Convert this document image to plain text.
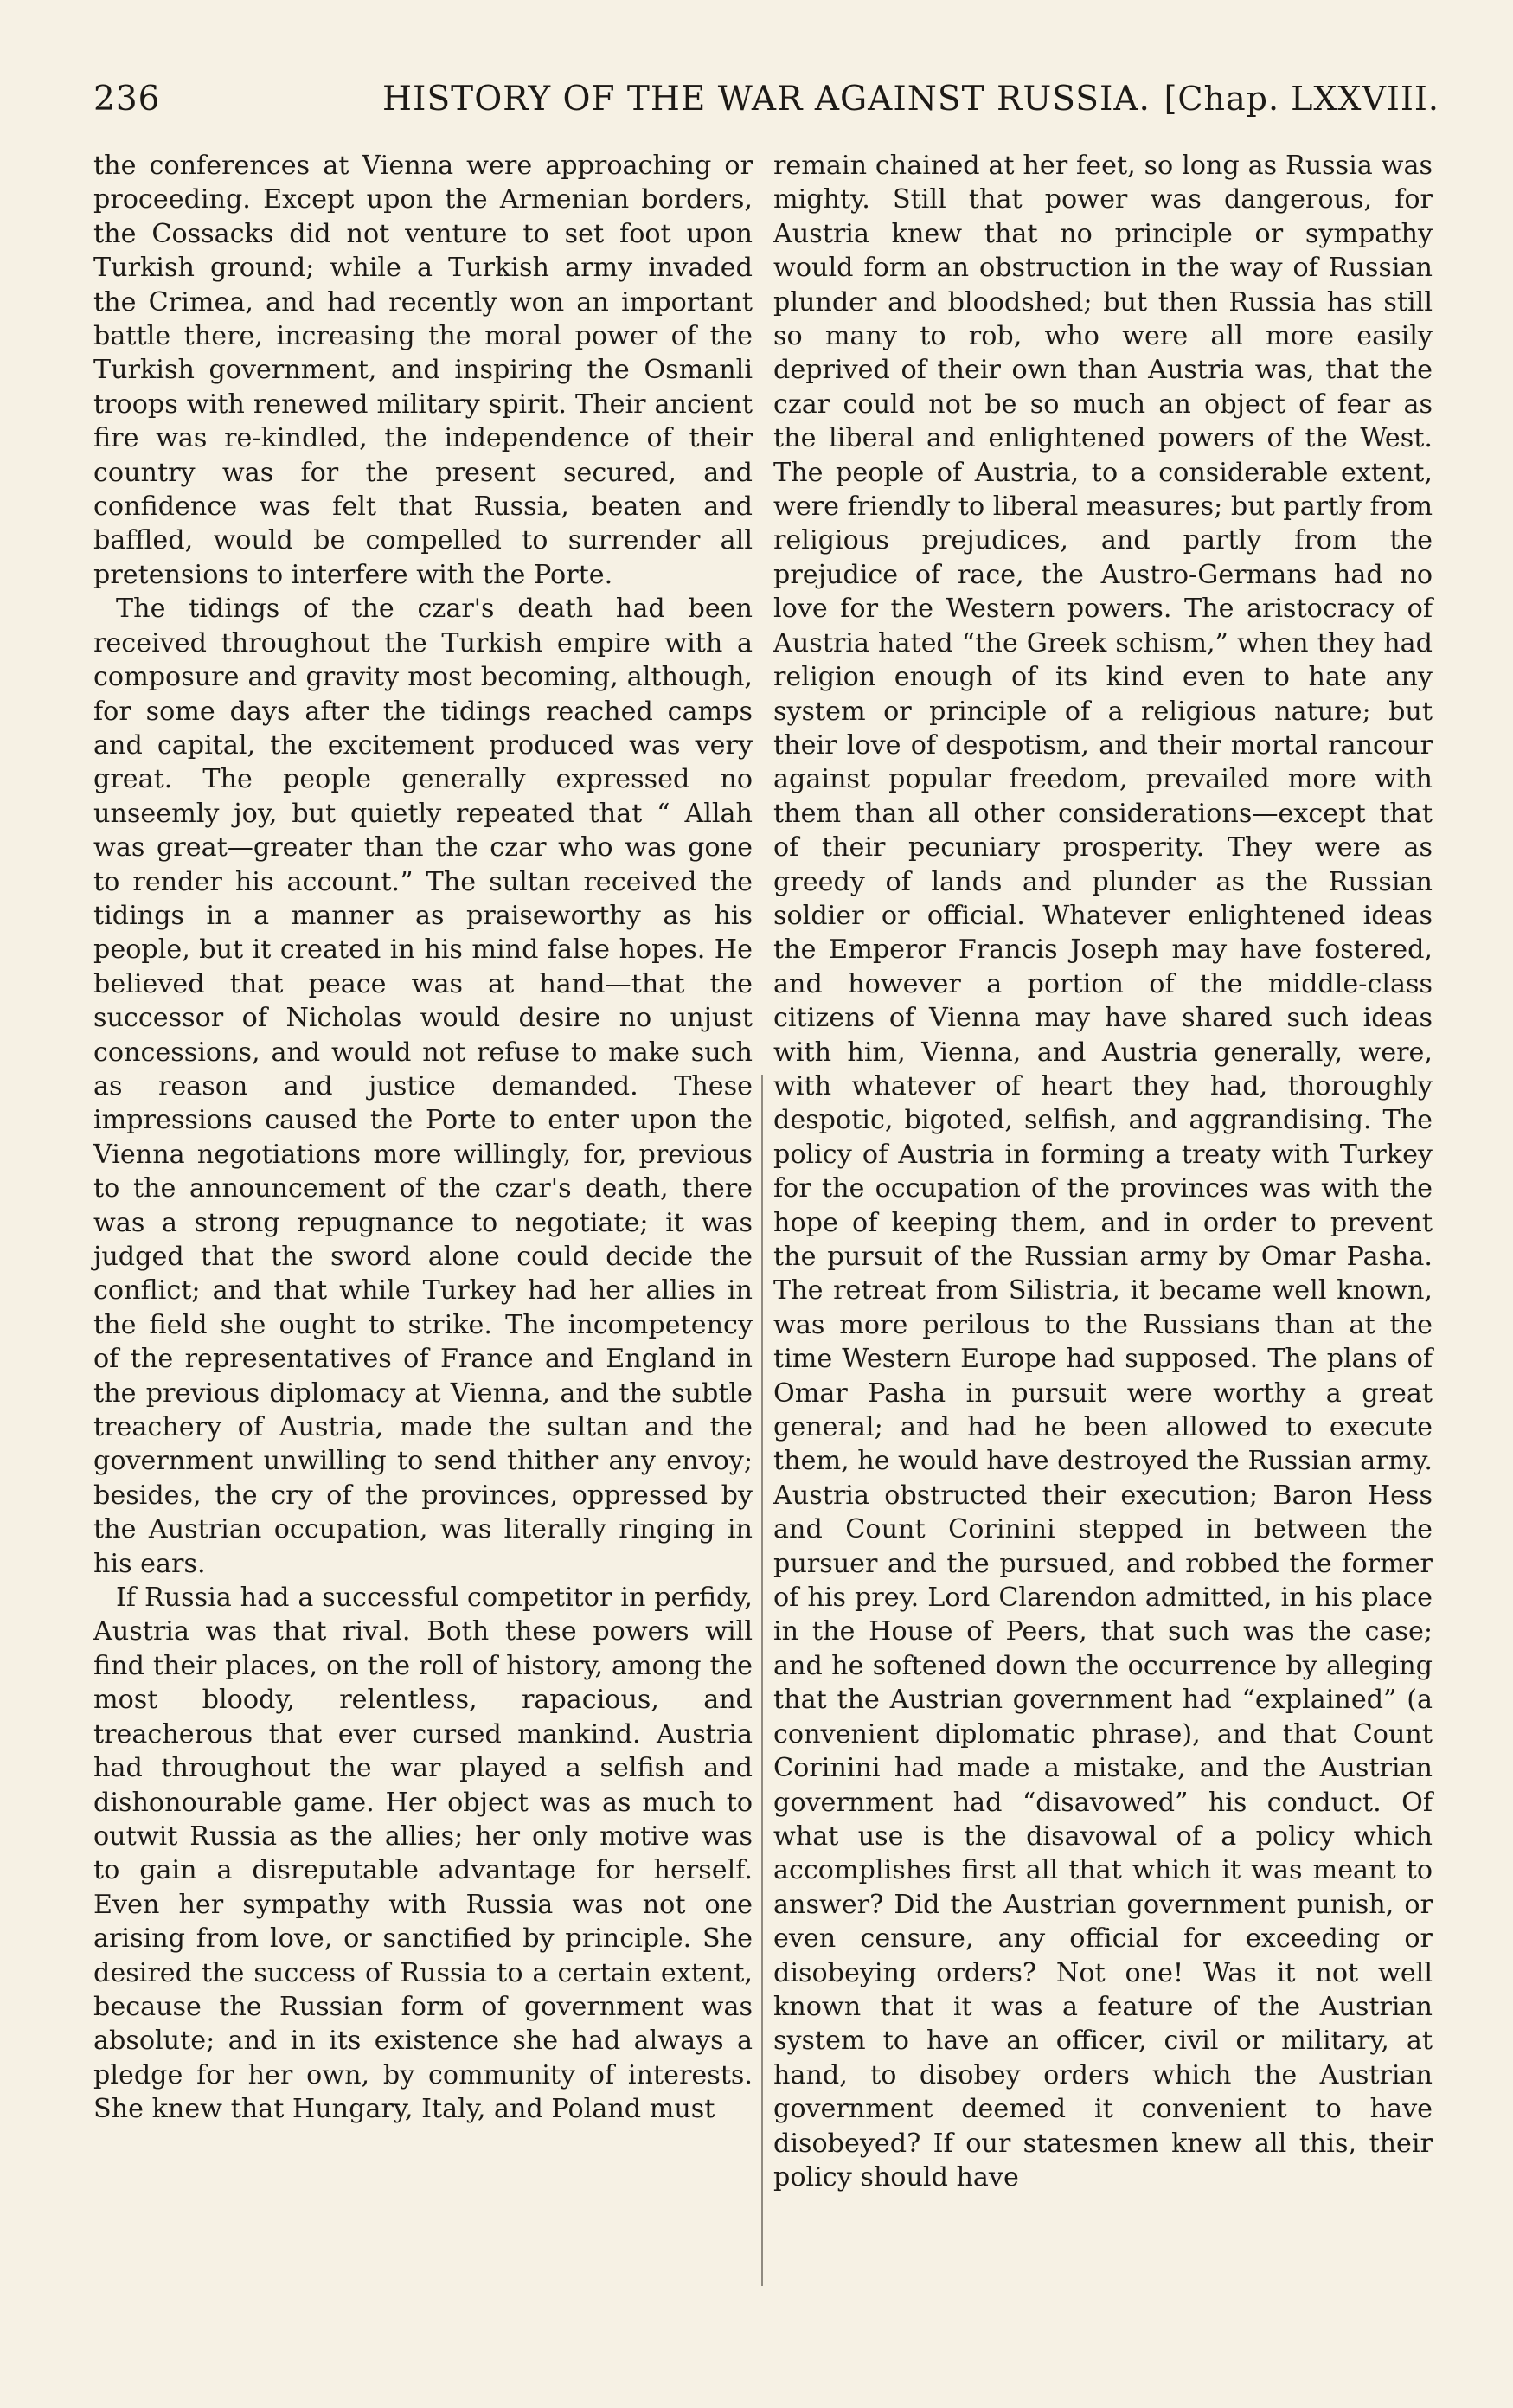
236	HISTORY OF THE WAR AGAINST RUSSIA. [Chap. LXXVIII.

the conferences at Vienna were approaching or proceeding. Except upon the Armenian borders, the Cossacks did not venture to set foot upon Turkish ground; while a Turkish army invaded the Crimea, and had recently won an important battle there, increasing the moral power of the Turkish government, and inspiring the Osmanli troops with renewed military spirit. Their ancient fire was re-kindled, the independence of their country was for the present secured, and confidence was felt that Russia, beaten and baffled, would be compelled to surrender all pretensions to interfere with the Porte.

The tidings of the czar's death had been received throughout the Turkish empire with a composure and gravity most becoming, although, for some days after the tidings reached camps and capital, the excitement produced was very great. The people generally expressed no unseemly joy, but quietly repeated that “ Allah was great—greater than the czar who was gone to render his account.” The sultan received the tidings in a manner as praiseworthy as his people, but it created in his mind false hopes. He believed that peace was at hand—that the successor of Nicholas would desire no unjust concessions, and would not refuse to make such as reason and justice demanded. These impressions caused the Porte to enter upon the Vienna negotiations more willingly, for, previous to the announcement of the czar's death, there was a strong repugnance to negotiate; it was judged that the sword alone could decide the conflict; and that while Turkey had her allies in the field she ought to strike. The incompetency of the representatives of France and England in the previous diplomacy at Vienna, and the subtle treachery of Austria, made the sultan and the government unwilling to send thither any envoy; besides, the cry of the provinces, oppressed by the Austrian occupation, was literally ringing in his ears.

If Russia had a successful competitor in perfidy, Austria was that rival. Both these powers will find their places, on the roll of history, among the most bloody, relentless, rapacious, and treacherous that ever cursed mankind. Austria had throughout the war played a selfish and dishonourable game. Her object was as much to outwit Russia as the allies; her only motive was to gain a disreputable advantage for herself. Even her sympathy with Russia was not one arising from love, or sanctified by principle. She desired the success of Russia to a certain extent, because the Russian form of government was absolute; and in its existence she had always a pledge for her own, by community of interests. She knew that Hungary, Italy, and Poland must

remain chained at her feet, so long as Russia was mighty. Still that power was dangerous, for Austria knew that no principle or sympathy would form an obstruction in the way of Russian plunder and bloodshed; but then Russia has still so many to rob, who were all more easily deprived of their own than Austria was, that the czar could not be so much an object of fear as the liberal and enlightened powers of the West. The people of Austria, to a considerable extent, were friendly to liberal measures; but partly from religious prejudices, and partly from the prejudice of race, the Austro-Germans had no love for the Western powers. The aristocracy of Austria hated “the Greek schism,” when they had religion enough of its kind even to hate any system or principle of a religious nature; but their love of despotism, and their mortal rancour against popular freedom, prevailed more with them than all other considerations—except that of their pecuniary prosperity. They were as greedy of lands and plunder as the Russian soldier or official. Whatever enlightened ideas the Emperor Francis Joseph may have fostered, and however a portion of the middle-class citizens of Vienna may have shared such ideas with him, Vienna, and Austria generally, were, with whatever of heart they had, thoroughly despotic, bigoted, selfish, and aggrandising. The policy of Austria in forming a treaty with Turkey for the occupation of the provinces was with the hope of keeping them, and in order to prevent the pursuit of the Russian army by Omar Pasha. The retreat from Silistria, it became well known, was more perilous to the Russians than at the time Western Europe had supposed. The plans of Omar Pasha in pursuit were worthy a great general; and had he been allowed to execute them, he would have destroyed the Russian army. Austria obstructed their execution; Baron Hess and Count Corinini stepped in between the pursuer and the pursued, and robbed the former of his prey. Lord Clarendon admitted, in his place in the House of Peers, that such was the case; and he softened down the occurrence by alleging that the Austrian government had “explained” (a convenient diplomatic phrase), and that Count Corinini had made a mistake, and the Austrian government had “disavowed” his conduct. Of what use is the disavowal of a policy which accomplishes first all that which it was meant to answer? Did the Austrian government punish, or even censure, any official for exceeding or disobeying orders? Not one! Was it not well known that it was a feature of the Austrian system to have an officer, civil or military, at hand, to disobey orders which the Austrian government deemed it convenient to have disobeyed? If our statesmen knew all this, their policy should have
